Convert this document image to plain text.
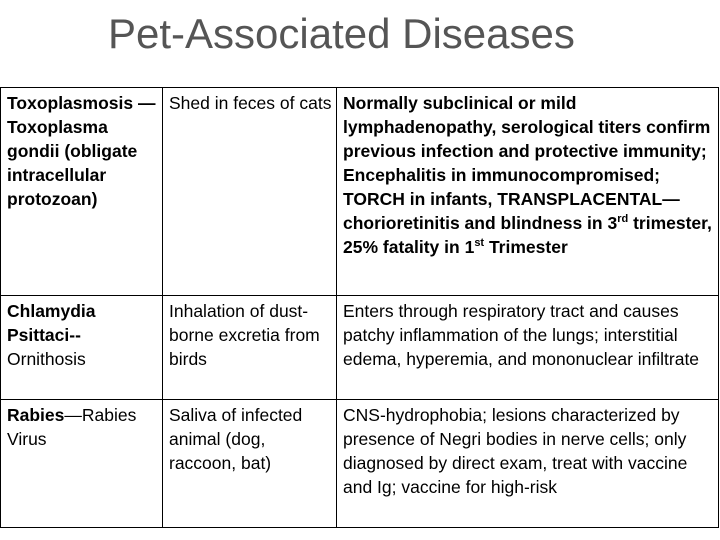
Pet-Associated Diseases
Toxoplasmosis —Toxoplasma gondii (obligate intracellular protozoan)	Shed in feces of cats	Normally subclinical or mild lymphadenopathy, serological titers confirm previous infection and protective immunity; Encephalitis in immunocompromised; TORCH in infants, TRANSPLACENTAL—chorioretinitis and blindness in 3rd trimester, 25% fatality in 1st Trimester
Chlamydia Psittaci-- Ornithosis	Inhalation of dust-borne excretia from birds	Enters through respiratory tract and causes patchy inflammation of the lungs; interstitial edema, hyperemia, and mononuclear infiltrate
Rabies—Rabies Virus	Saliva of infected animal (dog, raccoon, bat)	CNS-hydrophobia; lesions characterized by presence of Negri bodies in nerve cells; only diagnosed by direct exam, treat with vaccine and Ig; vaccine for high-risk
